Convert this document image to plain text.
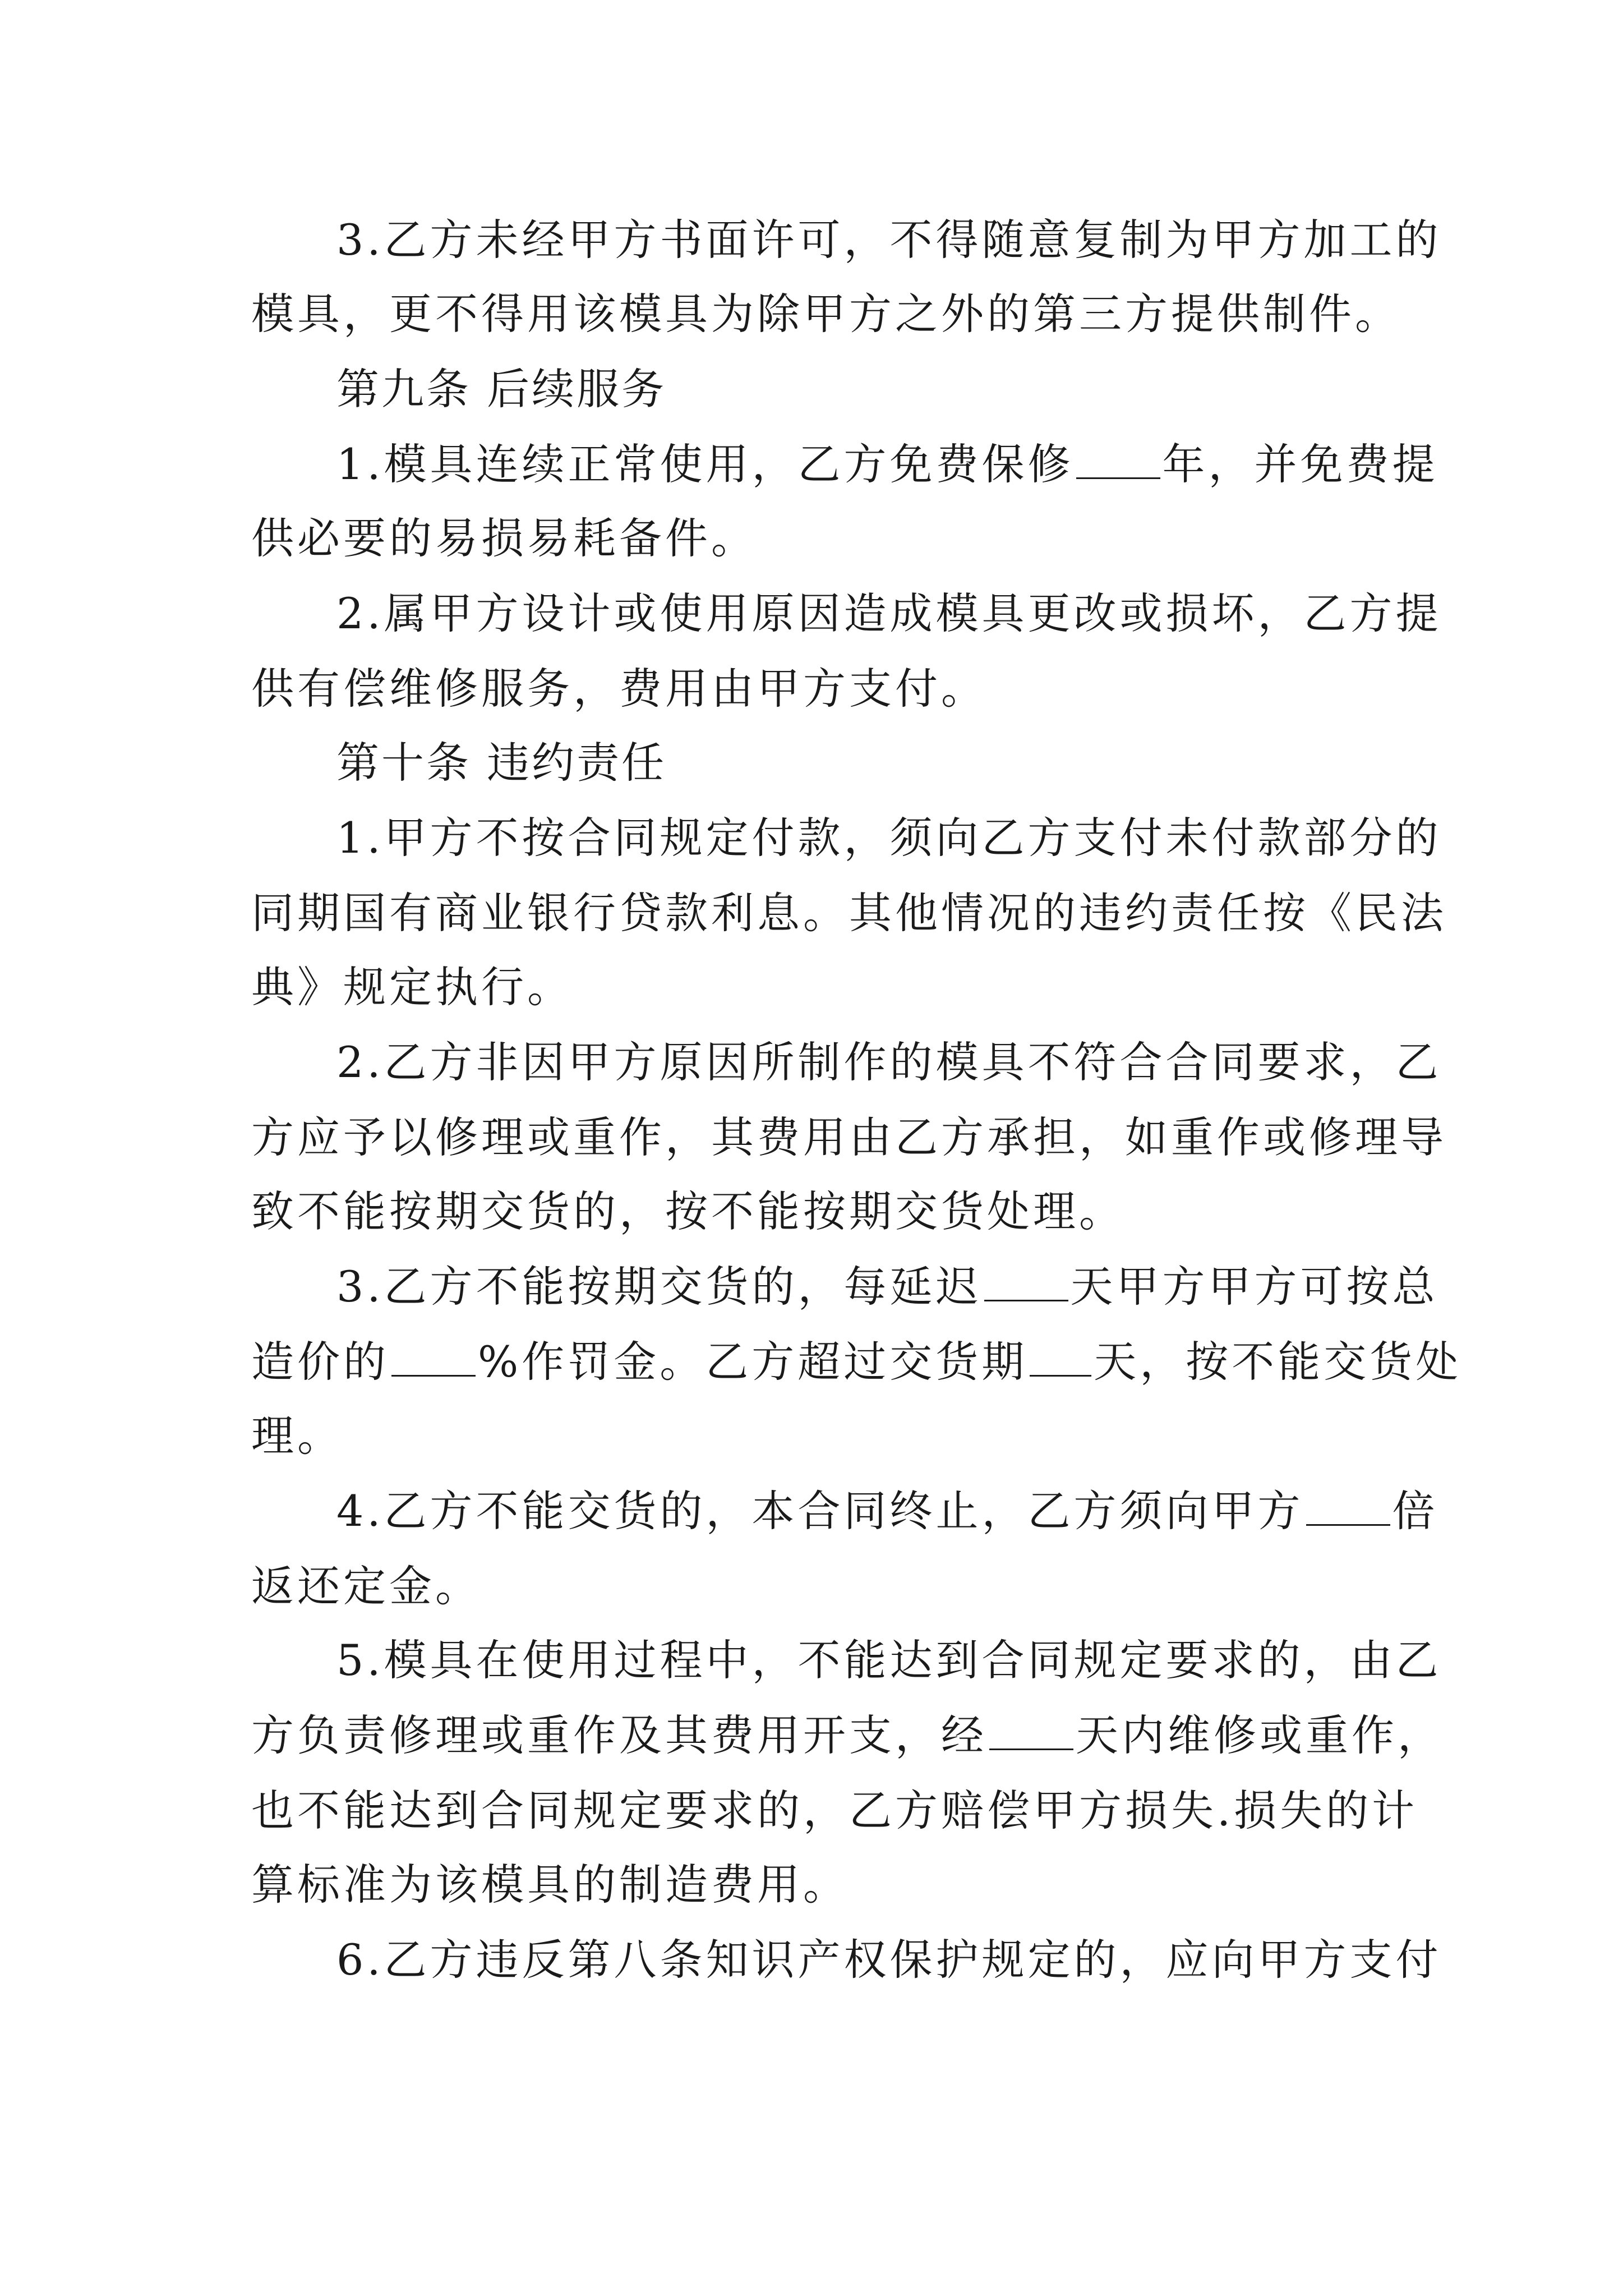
3.乙方未经甲方书面许可，不得随意复制为甲方加工的
模具，更不得用该模具为除甲方之外的第三方提供制件。
第九条 后续服务
1.模具连续正常使用，乙方免费保修 年，并免费提
供必要的易损易耗备件。
2.属甲方设计或使用原因造成模具更改或损坏，乙方提
供有偿维修服务，费用由甲方支付。
第十条 违约责任
1.甲方不按合同规定付款，须向乙方支付未付款部分的
同期国有商业银行贷款利息。其他情况的违约责任按《民法
典》规定执行。
2.乙方非因甲方原因所制作的模具不符合合同要求，乙
方应予以修理或重作，其费用由乙方承担，如重作或修理导
致不能按期交货的，按不能按期交货处理。
3.乙方不能按期交货的，每延迟 天甲方甲方可按总
造价的 %作罚金。乙方超过交货期 天，按不能交货处
理。
4.乙方不能交货的，本合同终止，乙方须向甲方 倍
返还定金。
5.模具在使用过程中，不能达到合同规定要求的，由乙
方负责修理或重作及其费用开支，经 天内维修或重作，
也不能达到合同规定要求的，乙方赔偿甲方损失.损失的计
算标准为该模具的制造费用。
6.乙方违反第八条知识产权保护规定的，应向甲方支付
